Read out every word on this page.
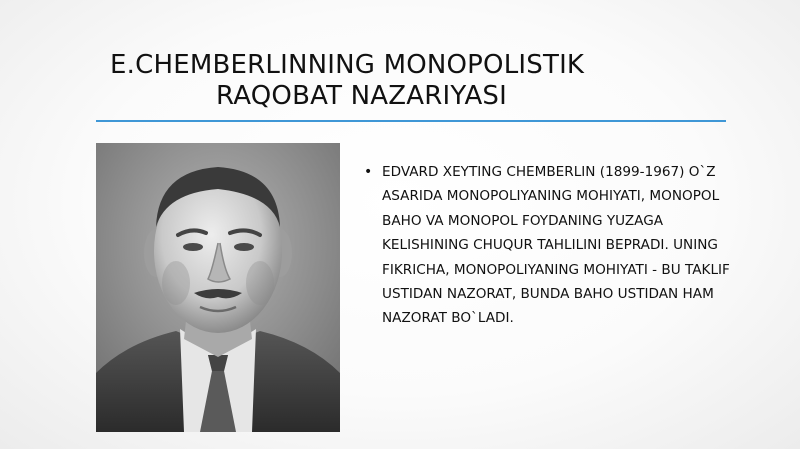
E.CHEMBERLINNING MONOPOLISTIK
RAQOBAT NAZARIYASI
• EDVARD XEYTING CHEMBERLIN (1899-1967) O`Z ASARIDA MONOPOLIYANING MOHIYATI, MONOPOL BAHO VA MONOPOL FOYDANING YUZAGA KELISHINING CHUQUR TAHLILINI BEPRADI. UNING FIKRICHA, MONOPOLIYANING MOHIYATI - BU TAKLIF USTIDAN NAZORAT, BUNDA BAHO USTIDAN HAM NAZORAT BO`LADI.
